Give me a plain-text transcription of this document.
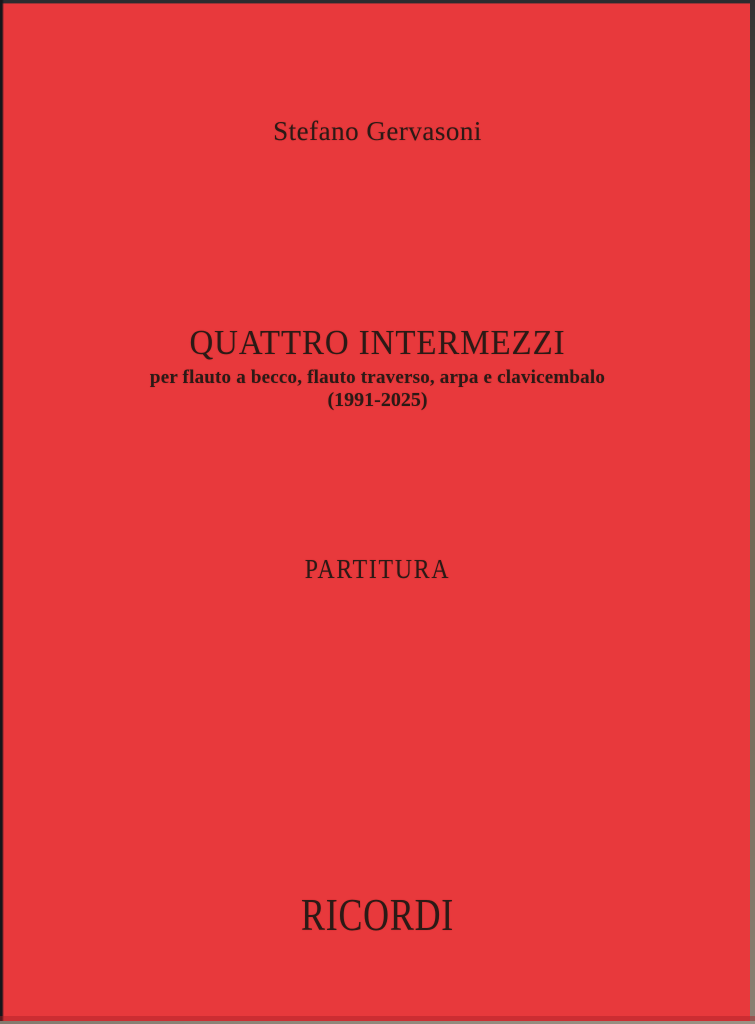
Stefano Gervasoni
QUATTRO INTERMEZZI
per flauto a becco, flauto traverso, arpa e clavicembalo
(1991-2025)
PARTITURA
RICORDI
